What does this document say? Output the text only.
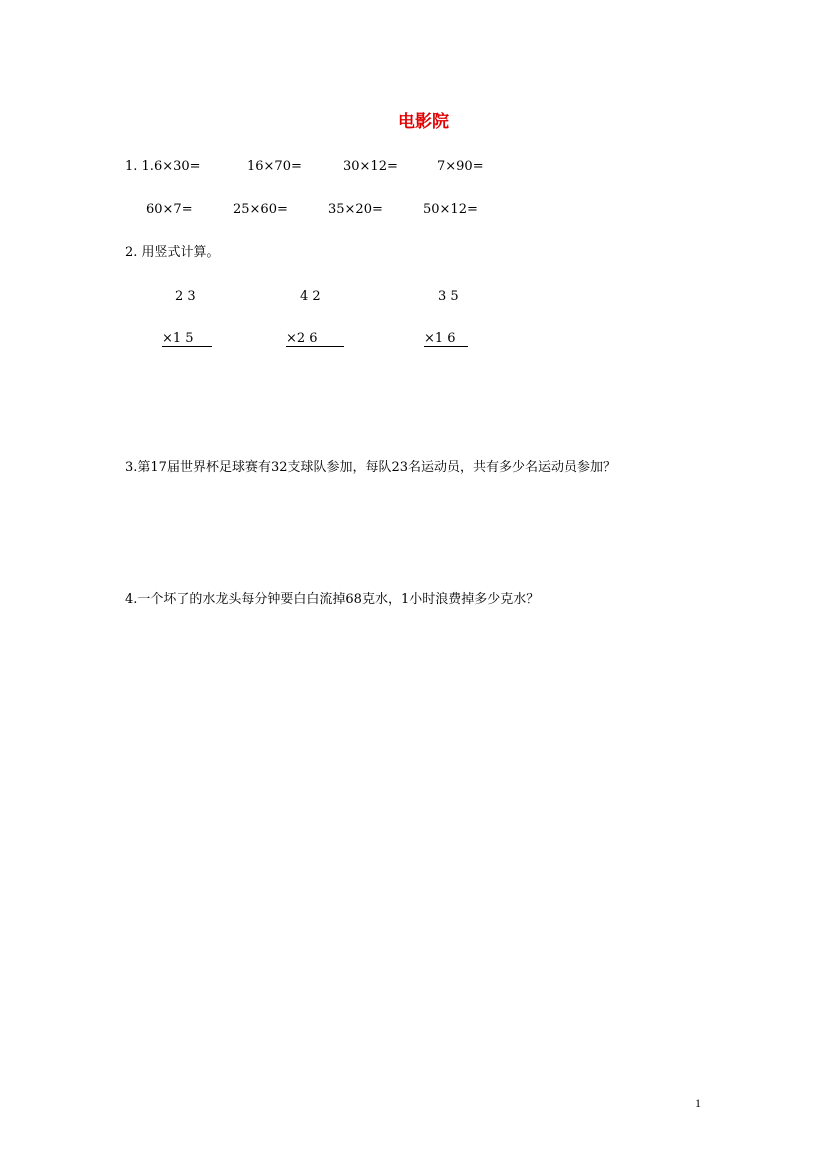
电影院
1. 1.6×30=	16×70=	30×12=	7×90=
60×7=	25×60=	35×20=	50×12=
2. 用竖式计算。
2 3	4 2	3 5
×1 5	×2 6	×1 6
3.第17届世界杯足球赛有32支球队参加，每队23名运动员，共有多少名运动员参加？
4.一个坏了的水龙头每分钟要白白流掉68克水，1小时浪费掉多少克水？
1
